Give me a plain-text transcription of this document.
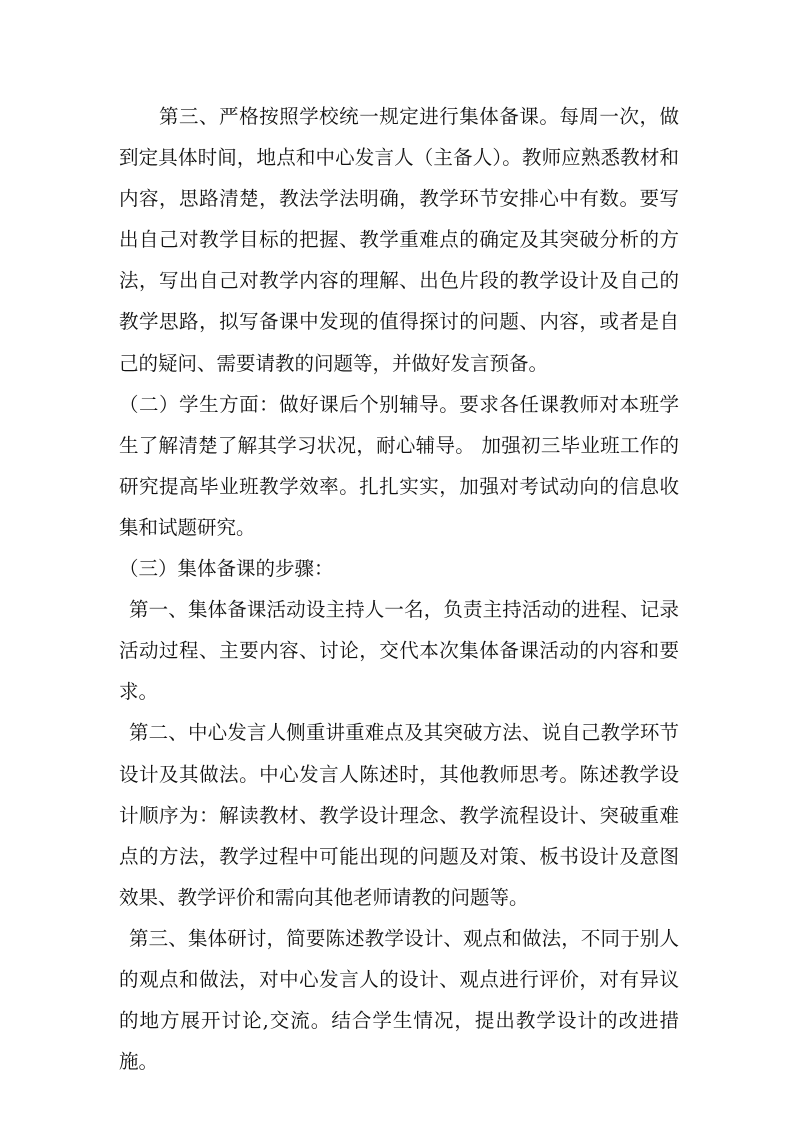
第三、严格按照学校统一规定进行集体备课。每周一次，做到定具体时间，地点和中心发言人（主备人）。教师应熟悉教材和内容，思路清楚，教法学法明确，教学环节安排心中有数。要写出自己对教学目标的把握、教学重难点的确定及其突破分析的方法，写出自己对教学内容的理解、出色片段的教学设计及自己的教学思路，拟写备课中发现的值得探讨的问题、内容，或者是自己的疑问、需要请教的问题等，并做好发言预备。

（二）学生方面：做好课后个别辅导。要求各任课教师对本班学生了解清楚了解其学习状况，耐心辅导。 加强初三毕业班工作的研究提高毕业班教学效率。扎扎实实，加强对考试动向的信息收集和试题研究。

（三）集体备课的步骤：

第一、集体备课活动设主持人一名，负责主持活动的进程、记录活动过程、主要内容、讨论，交代本次集体备课活动的内容和要求。

第二、中心发言人侧重讲重难点及其突破方法、说自己教学环节设计及其做法。中心发言人陈述时，其他教师思考。陈述教学设计顺序为：解读教材、教学设计理念、教学流程设计、突破重难点的方法，教学过程中可能出现的问题及对策、板书设计及意图效果、教学评价和需向其他老师请教的问题等。

第三、集体研讨，简要陈述教学设计、观点和做法，不同于别人的观点和做法，对中心发言人的设计、观点进行评价，对有异议的地方展开讨论,交流。结合学生情况，提出教学设计的改进措施。
